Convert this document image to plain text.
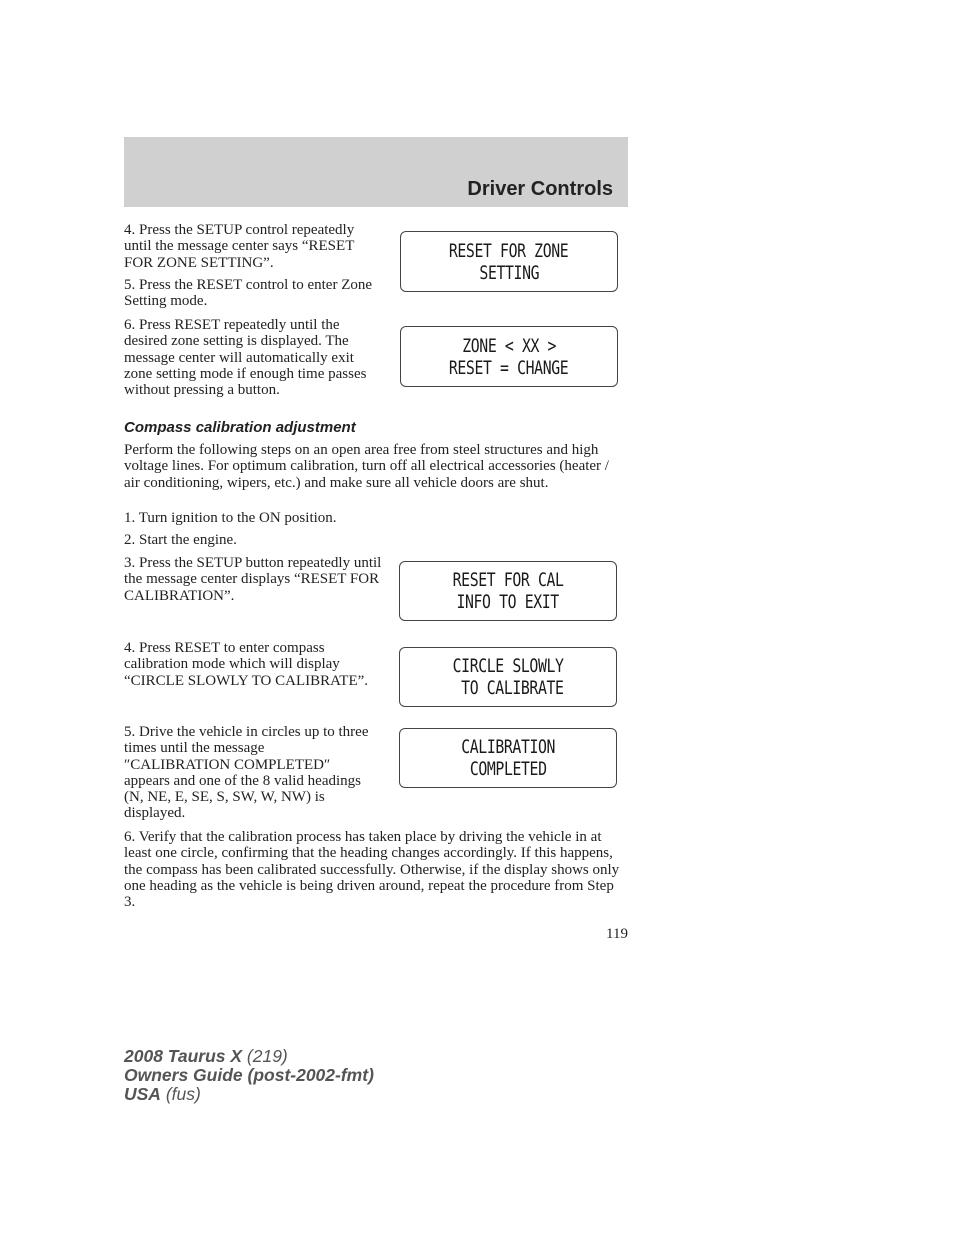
Driver Controls

4. Press the SETUP control repeatedly until the message center says “RESET FOR ZONE SETTING”.

5. Press the RESET control to enter Zone Setting mode.

6. Press RESET repeatedly until the desired zone setting is displayed. The message center will automatically exit zone setting mode if enough time passes without pressing a button.

RESET FOR ZONE
SETTING
ZONE < XX >
RESET = CHANGE
Compass calibration adjustment

Perform the following steps on an open area free from steel structures and high voltage lines. For optimum calibration, turn off all electrical accessories (heater / air conditioning, wipers, etc.) and make sure all vehicle doors are shut.

1. Turn ignition to the ON position.

2. Start the engine.

3. Press the SETUP button repeatedly until the message center displays “RESET FOR CALIBRATION”.

4. Press RESET to enter compass calibration mode which will display “CIRCLE SLOWLY TO CALIBRATE”.

5. Drive the vehicle in circles up to three times until the message ″CALIBRATION COMPLETED″ appears and one of the 8 valid headings (N, NE, E, SE, S, SW, W, NW) is displayed.

6. Verify that the calibration process has taken place by driving the vehicle in at least one circle, confirming that the heading changes accordingly. If this happens, the compass has been calibrated successfully. Otherwise, if the display shows only one heading as the vehicle is being driven around, repeat the procedure from Step 3.

RESET FOR CAL
INFO TO EXIT
CIRCLE SLOWLY
TO CALIBRATE
CALIBRATION
COMPLETED
119
2008 Taurus X (219)
Owners Guide (post-2002-fmt)
USA (fus)
